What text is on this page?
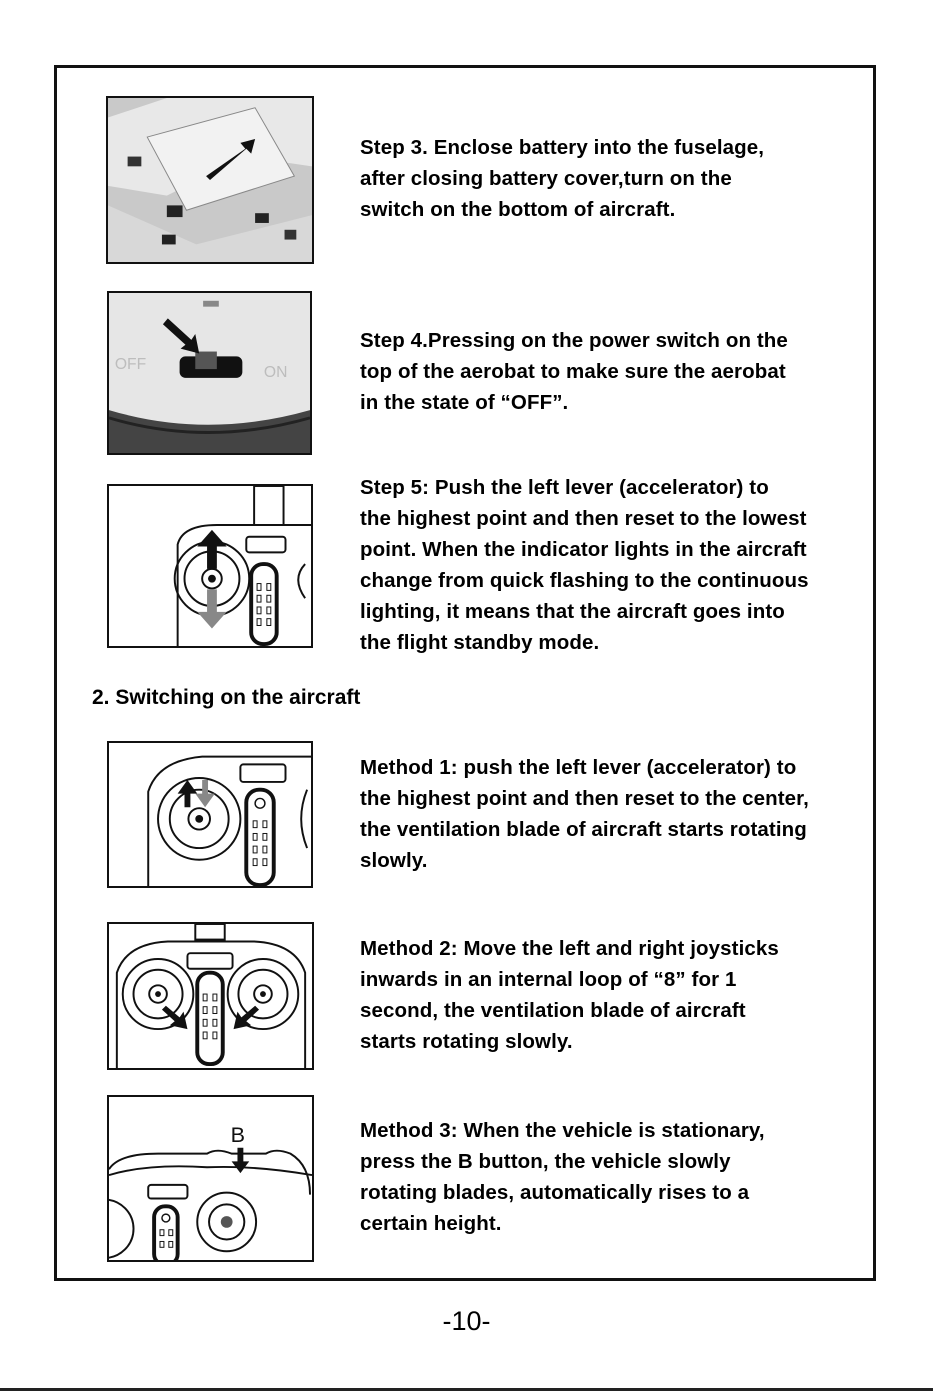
Step 3. Enclose battery into the fuselage,
after closing battery cover,turn on the
switch on the bottom of aircraft.
OFF	ON
Step 4.Pressing on the power switch on the
top of the aerobat to make sure the aerobat
in the state of “OFF”.
Step 5: Push the left lever (accelerator) to
the highest point and then reset to the lowest
point. When the indicator lights in the aircraft
change from quick flashing to the continuous
lighting, it means that the aircraft goes into
the flight standby mode.
2. Switching on the aircraft
Method 1: push the left lever (accelerator) to
the highest point and then reset to the center,
the ventilation blade of aircraft starts rotating
slowly.
Method 2: Move the left and right joysticks
inwards in an internal loop of “8” for 1
second, the ventilation blade of aircraft
starts rotating slowly.
B	Method 3: When the vehicle is stationary,
press the B button, the vehicle slowly
rotating blades, automatically rises to a
certain height.
-10-
